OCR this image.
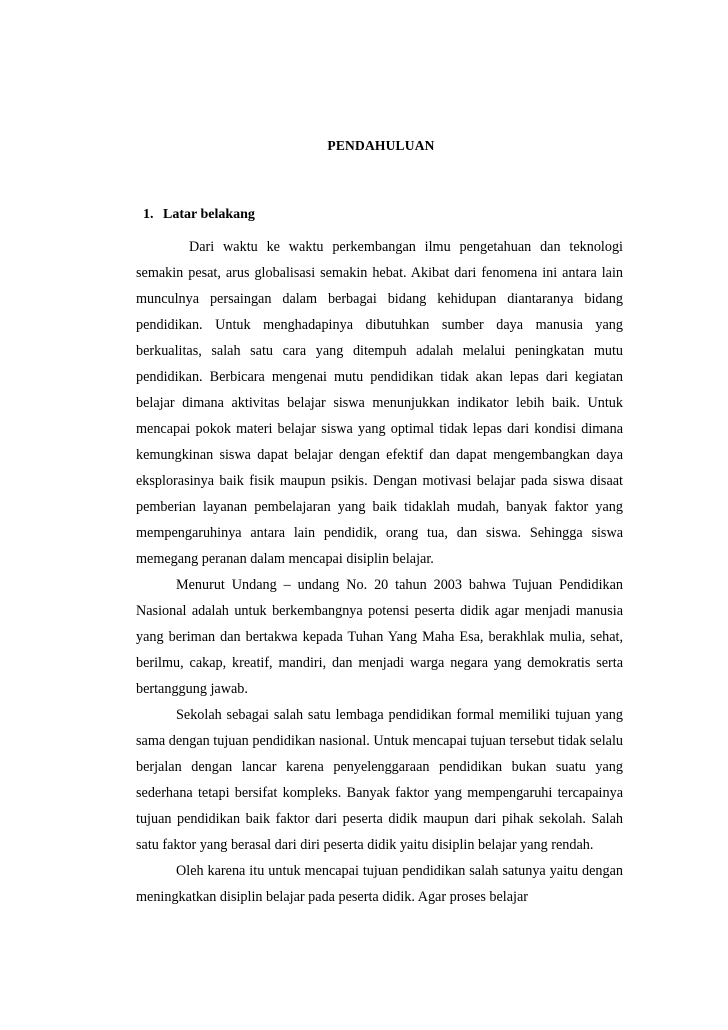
PENDAHULUAN
1. Latar belakang

Dari waktu ke waktu perkembangan ilmu pengetahuan dan teknologi semakin pesat, arus globalisasi semakin hebat. Akibat dari fenomena ini antara lain munculnya persaingan dalam berbagai bidang kehidupan diantaranya bidang pendidikan. Untuk menghadapinya dibutuhkan sumber daya manusia yang berkualitas, salah satu cara yang ditempuh adalah melalui peningkatan mutu pendidikan. Berbicara mengenai mutu pendidikan tidak akan lepas dari kegiatan belajar dimana aktivitas belajar siswa menunjukkan indikator lebih baik. Untuk mencapai pokok materi belajar siswa yang optimal tidak lepas dari kondisi dimana kemungkinan siswa dapat belajar dengan efektif dan dapat mengembangkan daya eksplorasinya baik fisik maupun psikis. Dengan motivasi belajar pada siswa disaat pemberian layanan pembelajaran yang baik tidaklah mudah, banyak faktor yang mempengaruhinya antara lain pendidik, orang tua, dan siswa. Sehingga siswa memegang peranan dalam mencapai disiplin belajar.

Menurut Undang – undang No. 20 tahun 2003 bahwa Tujuan Pendidikan Nasional adalah untuk berkembangnya potensi peserta didik agar menjadi manusia yang beriman dan bertakwa kepada Tuhan Yang Maha Esa, berakhlak mulia, sehat, berilmu, cakap, kreatif, mandiri, dan menjadi warga negara yang demokratis serta bertanggung jawab.

Sekolah sebagai salah satu lembaga pendidikan formal memiliki tujuan yang sama dengan tujuan pendidikan nasional. Untuk mencapai tujuan tersebut tidak selalu berjalan dengan lancar karena penyelenggaraan pendidikan bukan suatu yang sederhana tetapi bersifat kompleks. Banyak faktor yang mempengaruhi tercapainya tujuan pendidikan baik faktor dari peserta didik maupun dari pihak sekolah. Salah satu faktor yang berasal dari diri peserta didik yaitu disiplin belajar yang rendah.

Oleh karena itu untuk mencapai tujuan pendidikan salah satunya yaitu dengan meningkatkan disiplin belajar pada peserta didik. Agar proses belajar
